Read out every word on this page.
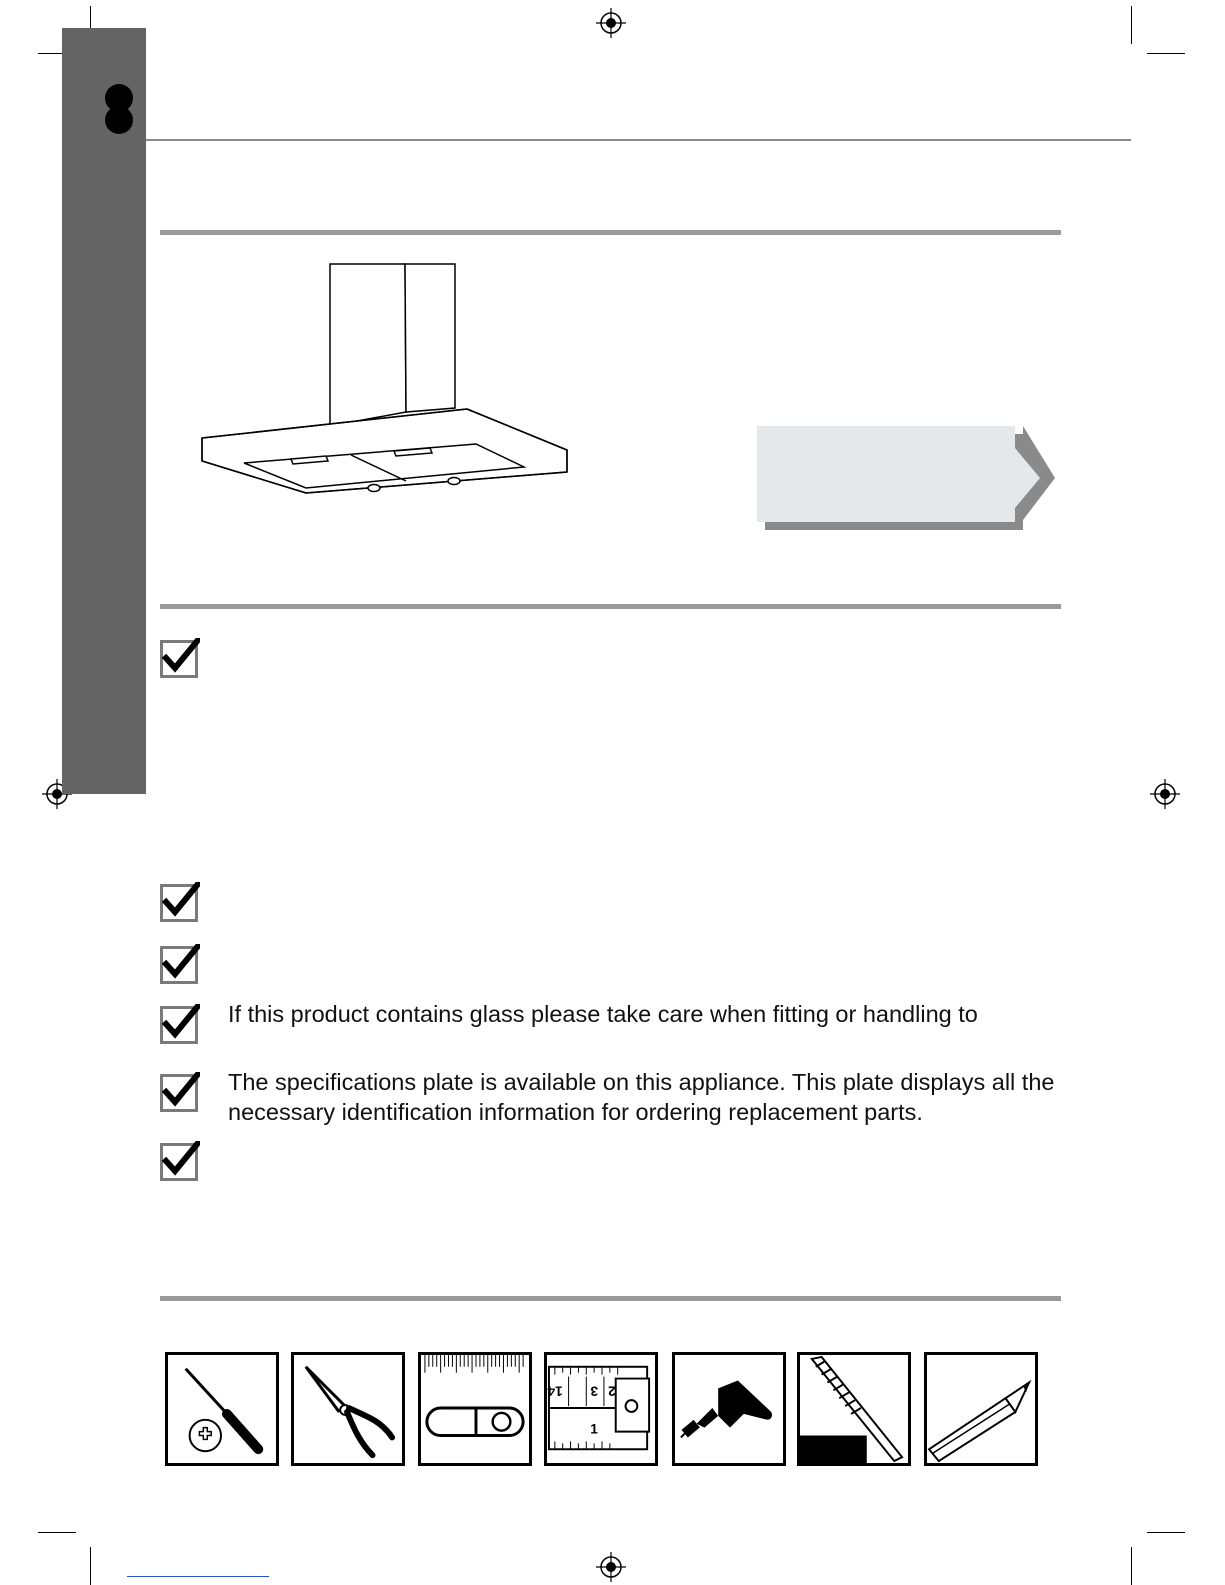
If this product contains glass please take care when fitting or handling to
The specifications plate is available on this appliance. This plate displays all the necessary identification information for ordering replacement parts.
14 3 2
1
